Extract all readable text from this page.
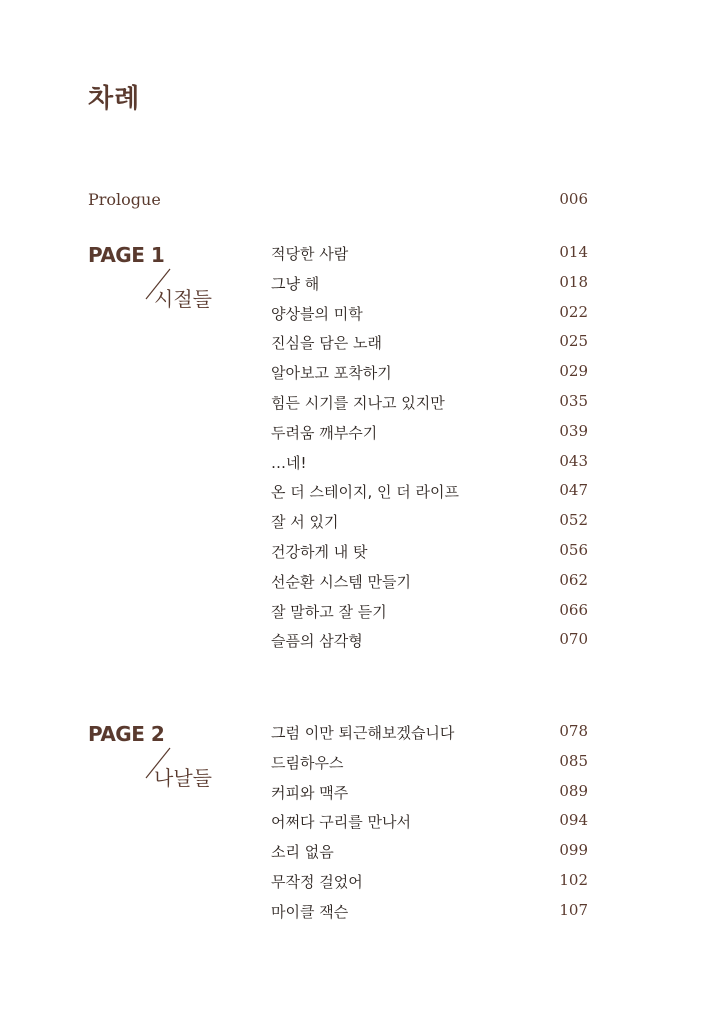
차례
Prologue	006
PAGE 1
시절들
적당한 사람	014
그냥 해	018
양상블의 미학	022
진심을 담은 노래	025
알아보고 포착하기	029
힘든 시기를 지나고 있지만	035
두려움 깨부수기	039
…네!	043
온 더 스테이지, 인 더 라이프	047
잘 서 있기	052
건강하게 내 탓	056
선순환 시스템 만들기	062
잘 말하고 잘 듣기	066
슬픔의 삼각형	070
PAGE 2
나날들
그럼 이만 퇴근해보겠습니다	078
드림하우스	085
커피와 맥주	089
어쩌다 구리를 만나서	094
소리 없음	099
무작정 걸었어	102
마이클 잭슨	107
